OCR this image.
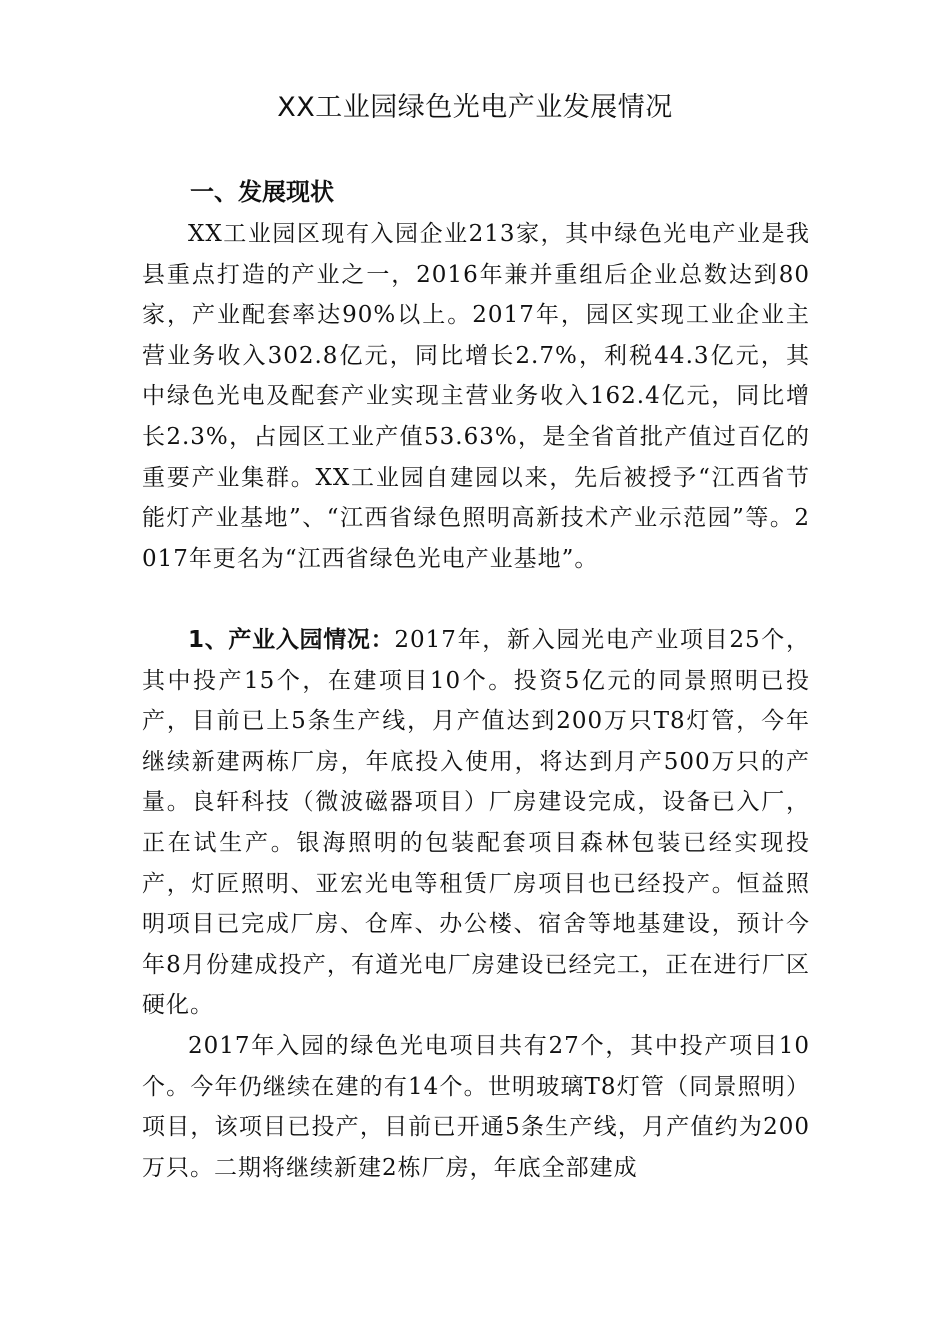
XX工业园绿色光电产业发展情况
一、发展现状

XX工业园区现有入园企业213家，其中绿色光电产业是我县重点打造的产业之一，2016年兼并重组后企业总数达到80家，产业配套率达90%以上。2017年，园区实现工业企业主营业务收入302.8亿元，同比增长2.7%，利税44.3亿元，其中绿色光电及配套产业实现主营业务收入162.4亿元，同比增长2.3%，占园区工业产值53.63%，是全省首批产值过百亿的重要产业集群。XX工业园自建园以来，先后被授予“江西省节能灯产业基地”、“江西省绿色照明高新技术产业示范园”等。2017年更名为“江西省绿色光电产业基地”。

1、产业入园情况：2017年，新入园光电产业项目25个，其中投产15个，在建项目10个。投资5亿元的同景照明已投产，目前已上5条生产线，月产值达到200万只T8灯管，今年继续新建两栋厂房，年底投入使用，将达到月产500万只的产量。良轩科技（微波磁器项目）厂房建设完成，设备已入厂，正在试生产。银海照明的包装配套项目森林包装已经实现投产，灯匠照明、亚宏光电等租赁厂房项目也已经投产。恒益照明项目已完成厂房、仓库、办公楼、宿舍等地基建设，预计今年8月份建成投产，有道光电厂房建设已经完工，正在进行厂区硬化。

2017年入园的绿色光电项目共有27个，其中投产项目10个。今年仍继续在建的有14个。世明玻璃T8灯管（同景照明）项目，该项目已投产，目前已开通5条生产线，月产值约为200万只。二期将继续新建2栋厂房，年底全部建成
